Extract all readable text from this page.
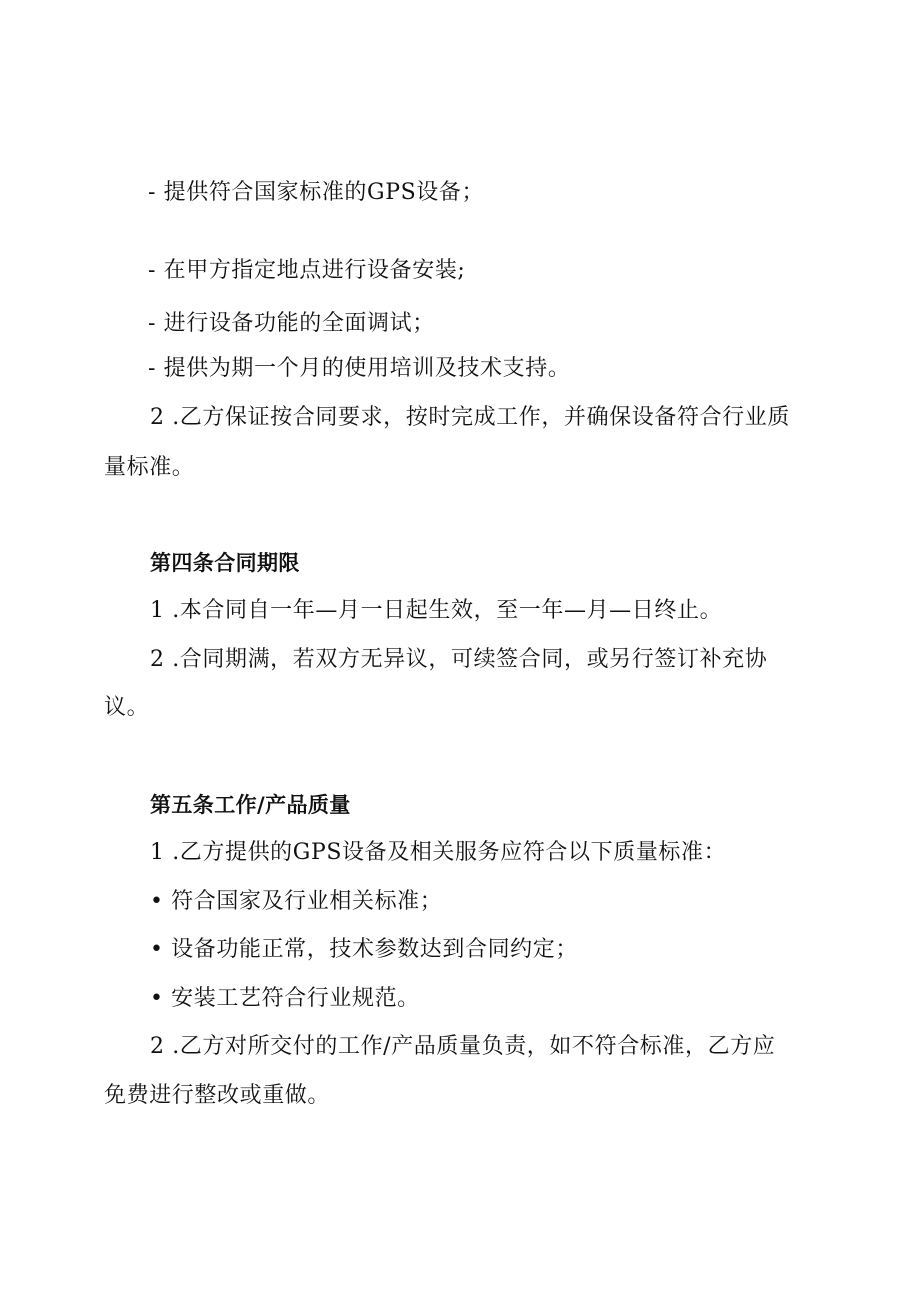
- 提供符合国家标准的GPS设备；
- 在甲方指定地点进行设备安装;
- 进行设备功能的全面调试；
- 提供为期一个月的使用培训及技术支持。
2 .乙方保证按合同要求，按时完成工作，并确保设备符合行业质
量标准。
第四条合同期限
1 .本合同自一年—月一日起生效，至一年—月—日终止。
2 .合同期满，若双方无异议，可续签合同，或另行签订补充协
议。
第五条工作/产品质量
1 .乙方提供的GPS设备及相关服务应符合以下质量标准：
• 符合国家及行业相关标准；
• 设备功能正常，技术参数达到合同约定；
• 安装工艺符合行业规范。
2 .乙方对所交付的工作/产品质量负责，如不符合标准，乙方应
免费进行整改或重做。
